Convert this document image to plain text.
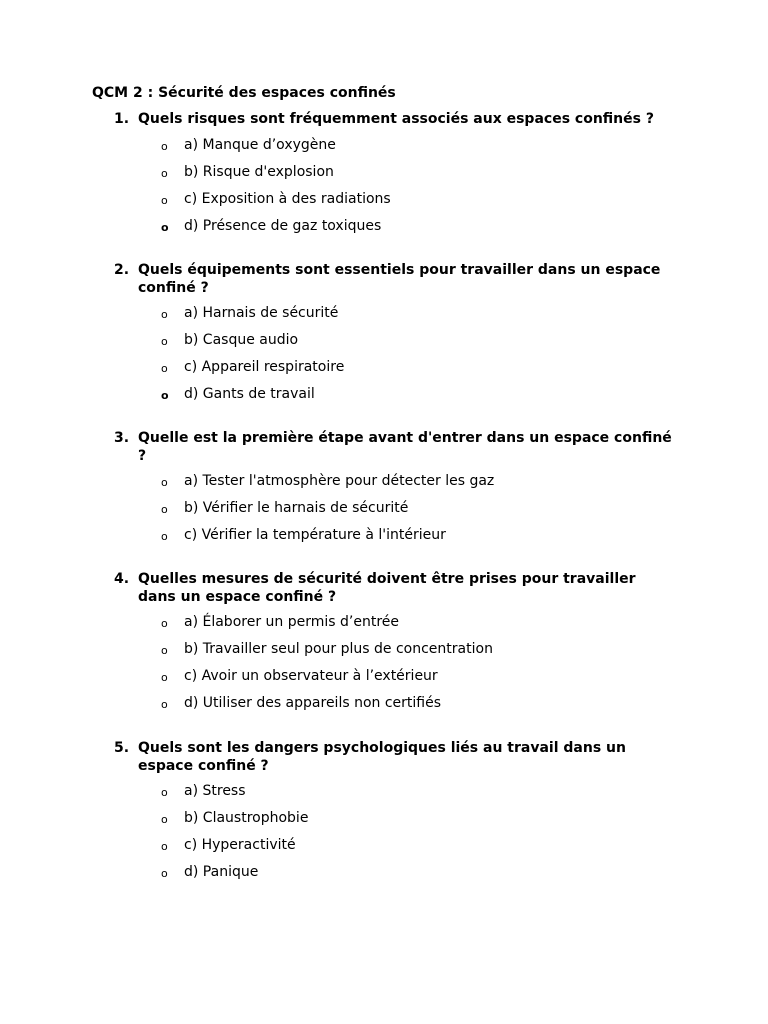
QCM 2 : Sécurité des espaces confinés
1. Quels risques sont fréquemment associés aux espaces confinés ?
o a) Manque d’oxygène
o b) Risque d'explosion
o c) Exposition à des radiations
o d) Présence de gaz toxiques
2. Quels équipements sont essentiels pour travailler dans un espace confiné ?
o a) Harnais de sécurité
o b) Casque audio
o c) Appareil respiratoire
o d) Gants de travail
3. Quelle est la première étape avant d'entrer dans un espace confiné ?
o a) Tester l'atmosphère pour détecter les gaz
o b) Vérifier le harnais de sécurité
o c) Vérifier la température à l'intérieur
4. Quelles mesures de sécurité doivent être prises pour travailler dans un espace confiné ?
o a) Élaborer un permis d’entrée
o b) Travailler seul pour plus de concentration
o c) Avoir un observateur à l’extérieur
o d) Utiliser des appareils non certifiés
5. Quels sont les dangers psychologiques liés au travail dans un espace confiné ?
o a) Stress
o b) Claustrophobie
o c) Hyperactivité
o d) Panique
